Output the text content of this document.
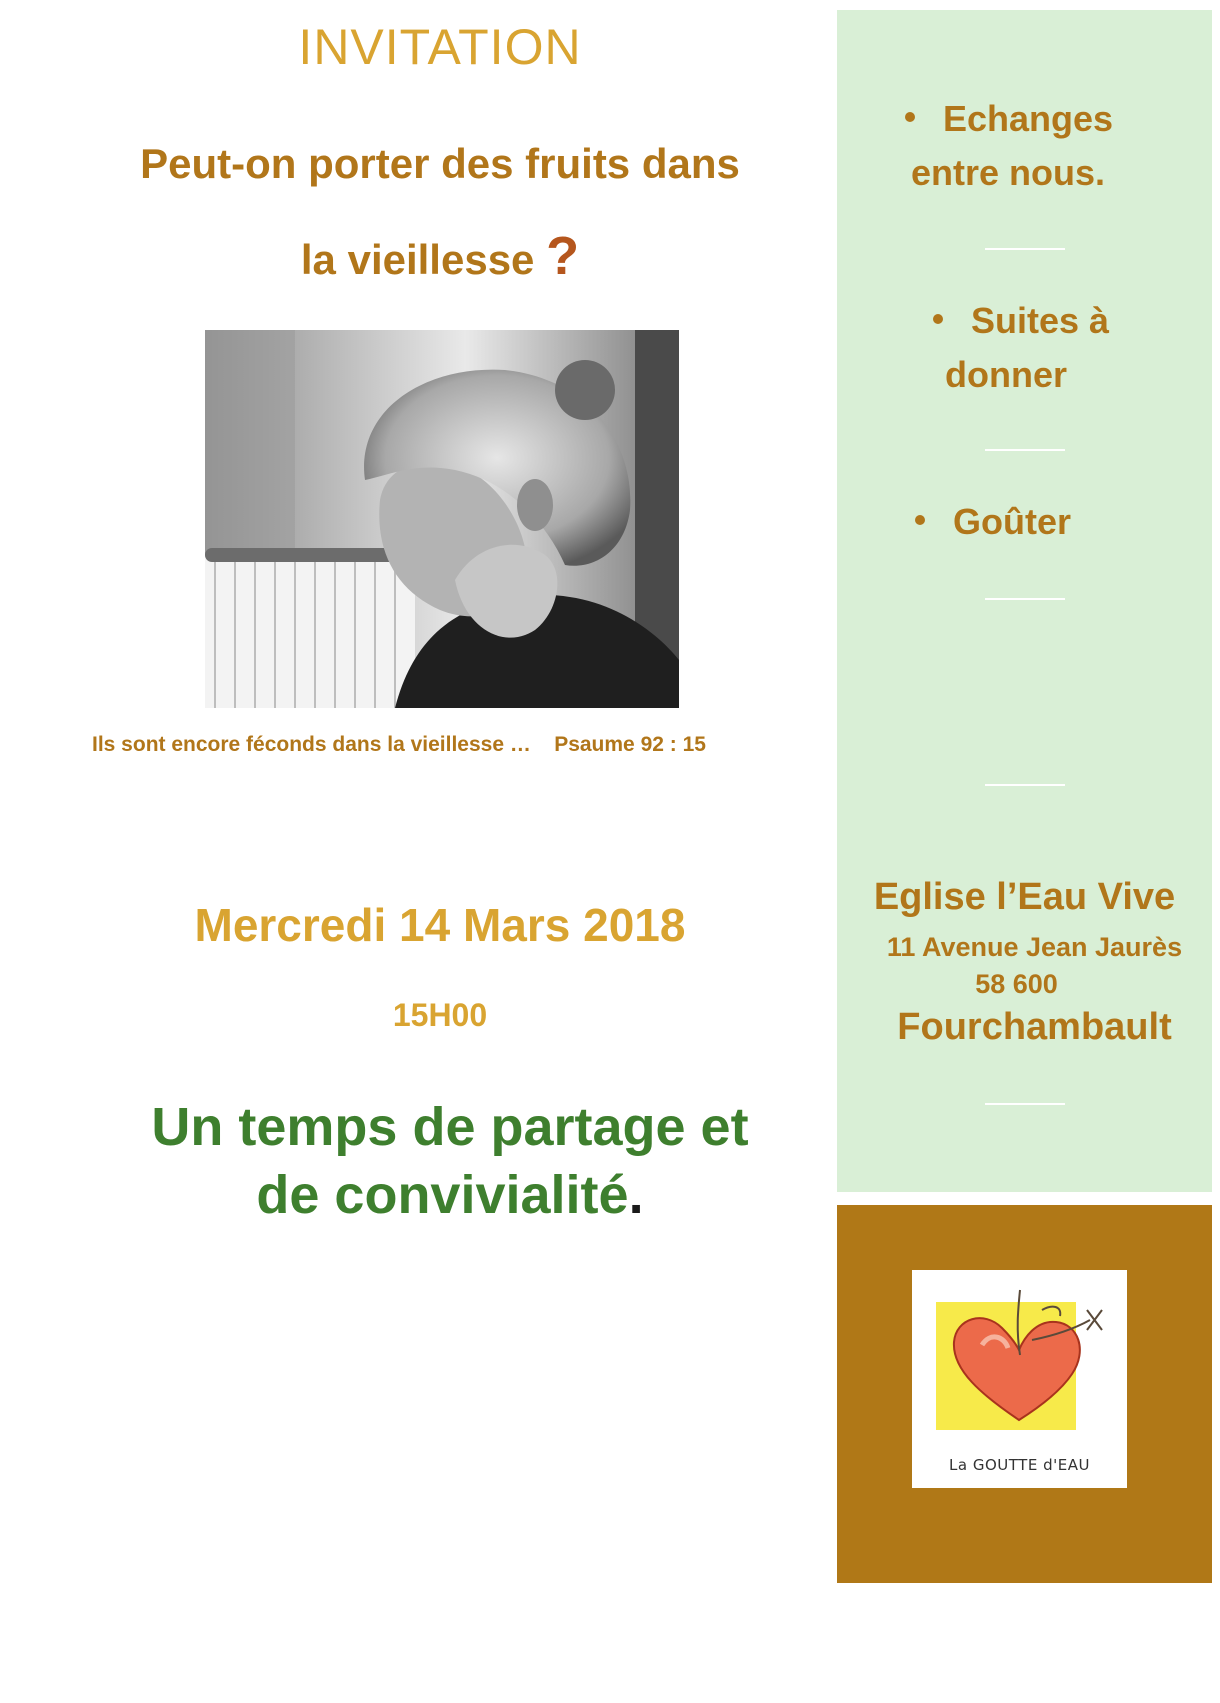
INVITATION
Peut-on porter des fruits dans
la vieillesse ?
Ils sont encore féconds dans la vieillesse … Psaume 92 : 15
Mercredi 14 Mars 2018
15H00
Un temps de partage et
de convivialité.
Echanges
entre nous.
Suites à
donner
Goûter
Eglise l’Eau Vive
11 Avenue Jean Jaurès
58 600
Fourchambault
La GOUTTE d'EAU
